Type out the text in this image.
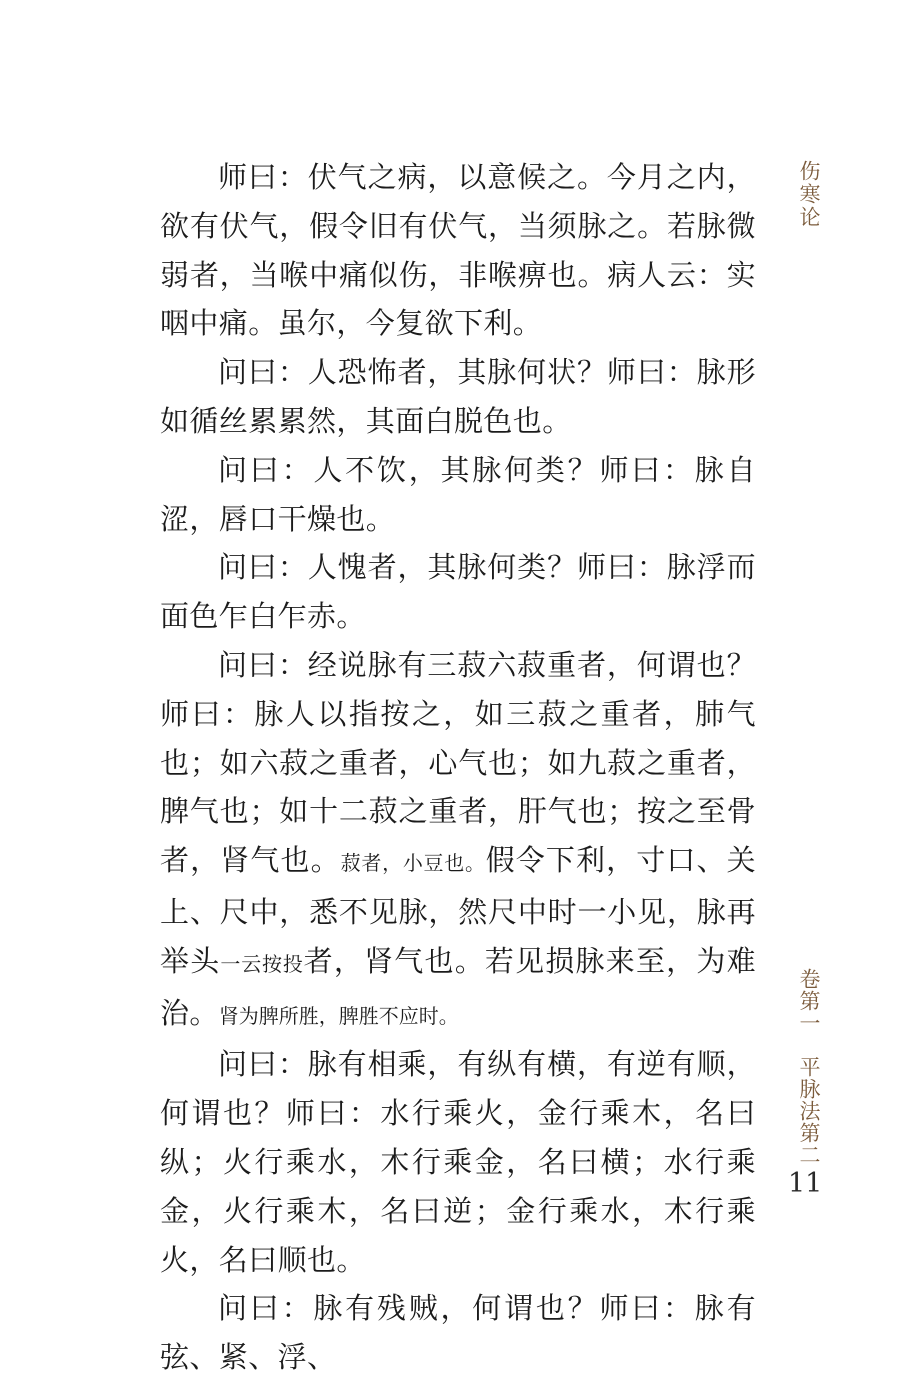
师曰：伏气之病，以意候之。今月之内，欲有伏气，假令旧有伏气，当须脉之。若脉微弱者，当喉中痛似伤，非喉痹也。病人云：实咽中痛。虽尔，今复欲下利。

问曰：人恐怖者，其脉何状？师曰：脉形如循丝累累然，其面白脱色也。

问曰：人不饮，其脉何类？师曰：脉自涩，唇口干燥也。

问曰：人愧者，其脉何类？师曰：脉浮而面色乍白乍赤。

问曰：经说脉有三菽六菽重者，何谓也？师曰：脉人以指按之，如三菽之重者，肺气也；如六菽之重者，心气也；如九菽之重者，脾气也；如十二菽之重者，肝气也；按之至骨者，肾气也。菽者，小豆也。假令下利，寸口、关上、尺中，悉不见脉，然尺中时一小见，脉再举头一云按投者，肾气也。若见损脉来至，为难治。肾为脾所胜，脾胜不应时。

问曰：脉有相乘，有纵有横，有逆有顺，何谓也？师曰：水行乘火，金行乘木，名曰纵；火行乘水，木行乘金，名曰横；水行乘金，火行乘木，名曰逆；金行乘水，木行乘火，名曰顺也。

问曰：脉有残贼，何谓也？师曰：脉有弦、紧、浮、

伤寒论
卷第一　平脉法第二
11
